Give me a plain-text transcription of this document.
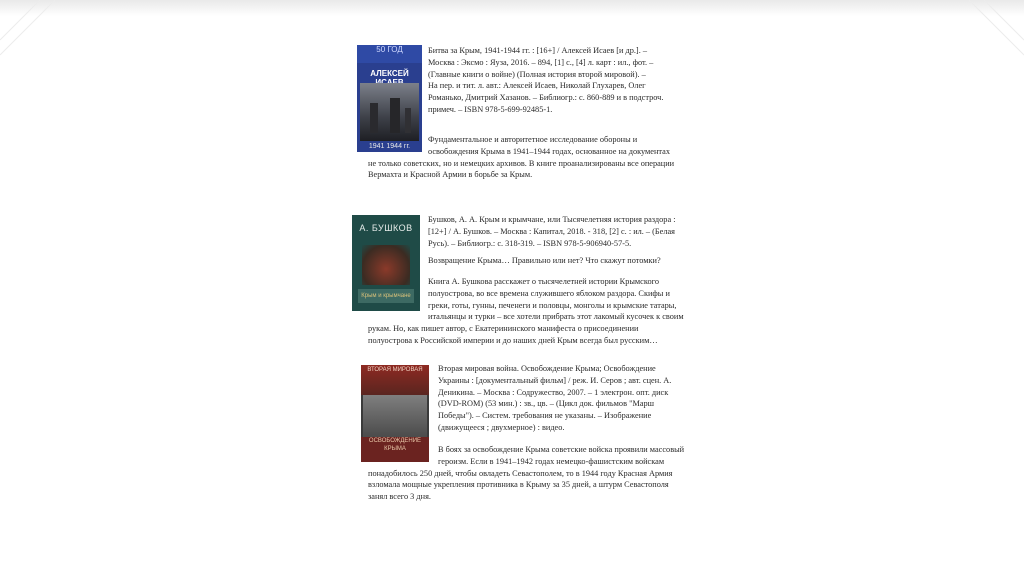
50 ГОД
АЛЕКСЕЙ
1941 1944 гг.

Битва за Крым, 1941-1944 гг. : [16+] / Алексей Исаев [и др.]. –

Москва : Эксмо : Яуза, 2016. – 894, [1] с., [4] л. карт : ил., фот. –

(Главные книги о войне) (Полная история второй мировой). –

На пер. и тит. л. авт.: Алексей Исаев, Николай Глухарев, Олег

Романько, Дмитрий Хазанов. – Библиогр.: с. 860-889 и в подстроч.

примеч. – ISBN 978-5-699-92485-1.

Фундаментальное и авторитетное исследование обороны и

освобождения Крыма в 1941–1944 годах, основанное на документах

не только советских, но и немецких архивов. В книге проанализированы все операции

Вермахта и Красной Армии в борьбе за Крым.

А. БУШКОВ
Крым и крымчане

Бушков, А. А. Крым и крымчане, или Тысячелетняя история раздора :

[12+] / А. Бушков. – Москва : Капитал, 2018. - 318, [2] с. : ил. – (Белая

Русь). – Библиогр.: с. 318-319. – ISBN 978-5-906940-57-5.

Возвращение Крыма… Правильно или нет? Что скажут потомки?

Книга А. Бушкова расскажет о тысячелетней истории Крымского

полуострова, во все времена служившего яблоком раздора. Скифы и

греки, готы, гунны, печенеги и половцы, монголы и крымские татары,

итальянцы и турки – все хотели прибрать этот лакомый кусочек к своим

рукам. Но, как пишет автор, с Екатерининского манифеста о присоединении

полуострова к Российской империи и до наших дней Крым всегда был русским…

ВТОРАЯ МИРОВАЯ
ОСВОБОЖДЕНИЕ КРЫМА

Вторая мировая война. Освобождение Крыма; Освобождение

Украины : [документальный фильм] / реж. И. Серов ; авт. сцен. А.

Деникина. – Москва : Содружество, 2007. – 1 электрон. опт. диск

(DVD-ROM) (53 мин.) : зв., цв. – (Цикл док. фильмов "Марш

Победы"). – Систем. требования не указаны. – Изображение

(движущееся ; двухмерное) : видео.

В боях за освобождение Крыма советские войска проявили массовый

героизм. Если в 1941–1942 годах немецко-фашистским войскам

понадобилось 250 дней, чтобы овладеть Севастополем, то в 1944 году Красная Армия

взломала мощные укрепления противника в Крыму за 35 дней, а штурм Севастополя

занял всего 3 дня.
